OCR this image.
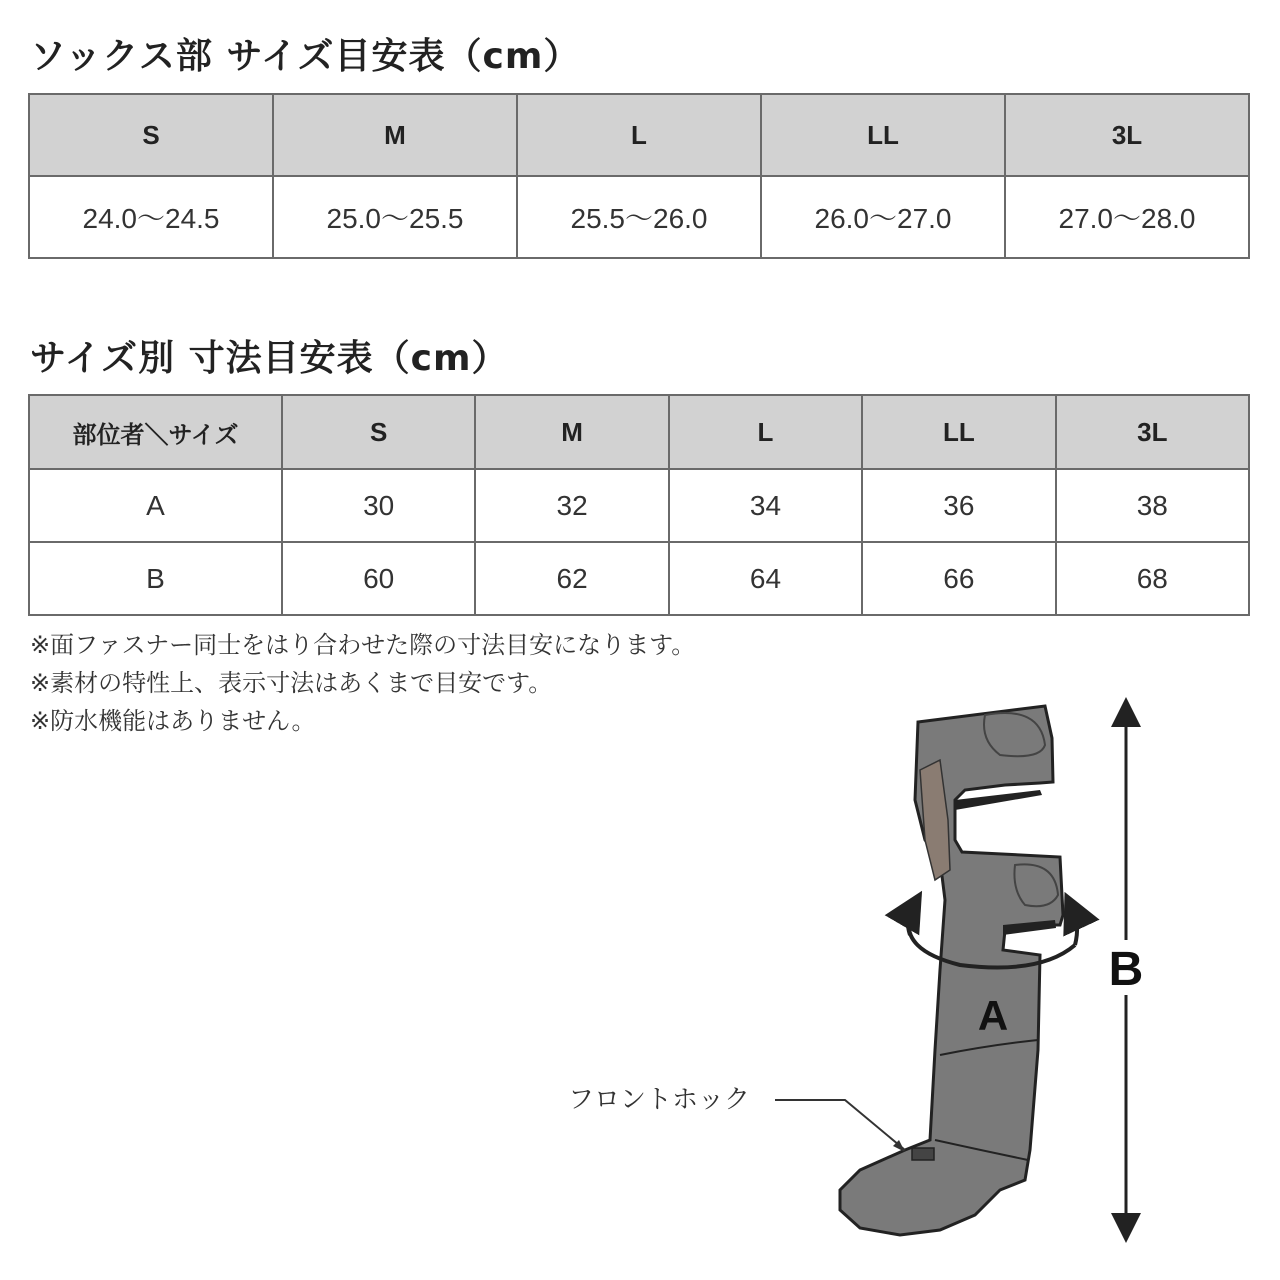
ソックス部 サイズ目安表（cm）
S	M	L	LL	3L
24.0〜24.5	25.0〜25.5	25.5〜26.0	26.0〜27.0	27.0〜28.0
サイズ別 寸法目安表（cm）
部位者＼サイズ	S	M	L	LL	3L
A	30	32	34	36	38
B	60	62	64	66	68
※面ファスナー同士をはり合わせた際の寸法目安になります。
※素材の特性上、表示寸法はあくまで目安です。
※防水機能はありません。
A
B
フロントホック
